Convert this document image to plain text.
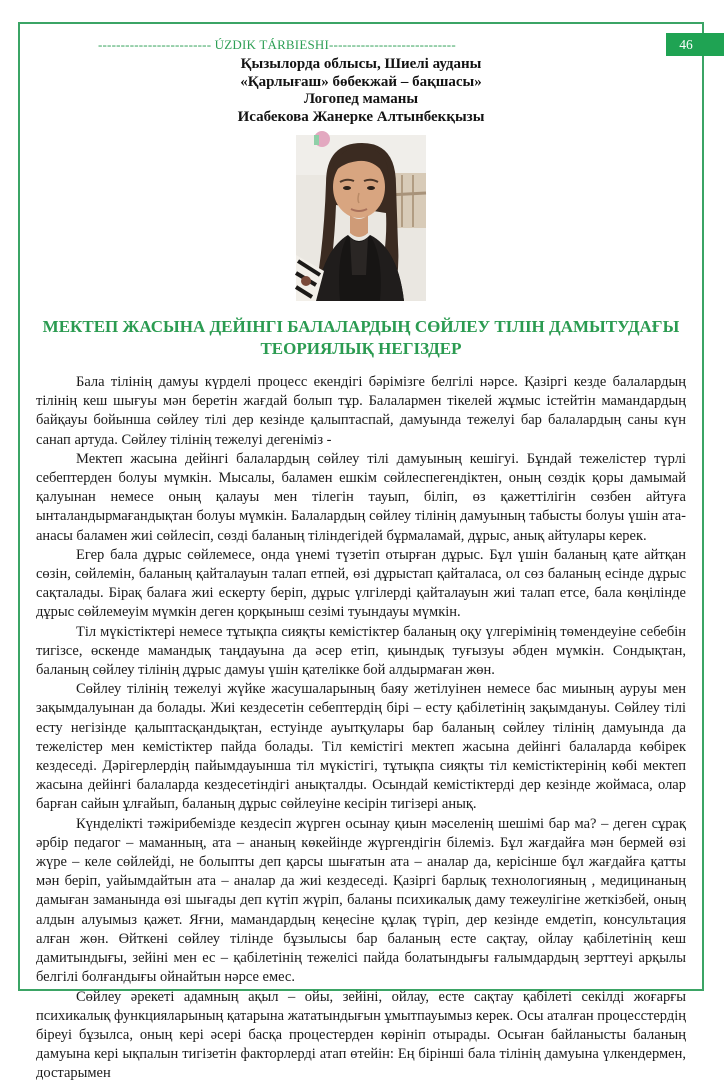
46
------------------------- ÚZDIK TÁRBIESHI----------------------------
Қызылорда облысы, Шиелі ауданы
«Қарлығаш» бөбекжай – бақшасы»
Логопед маманы
Исабекова Жанерке Алтынбекқызы
МЕКТЕП ЖАСЫНА ДЕЙІНГІ БАЛАЛАРДЫҢ СӨЙЛЕУ ТІЛІН ДАМЫТУДАҒЫ ТЕОРИЯЛЫҚ НЕГІЗДЕР

Бала тілінің дамуы күрделі процесс екендігі бәрімізге белгілі нәрсе. Қазіргі кезде балалардың тілінің кеш шығуы мән беретін жағдай болып тұр. Балалармен тікелей жұмыс істейтін мамандардың байқауы бойынша сөйлеу тілі дер кезінде қалыптаспай, дамуында тежелуі бар балалардың саны күн санап артуда. Сөйлеу тілінің тежелуі дегеніміз -

Мектеп жасына дейінгі балалардың сөйлеу тілі дамуының кешігуі. Бұндай тежелістер түрлі себептерден болуы мүмкін. Мысалы, баламен ешкім сөйлеспегендіктен, оның сөздік қоры дамымай қалуынан немесе оның қалауы мен тілегін тауып, біліп, өз қажеттілігін сөзбен айтуға ынталандырмағандықтан болуы мүмкін. Балалардың сөйлеу тілінің дамуының табысты болуы үшін ата-анасы баламен жиі сөйлесіп, сөзді баланың тіліндегідей бұрмаламай, дұрыс, анық айтулары керек.

Егер бала дұрыс сөйлемесе, онда үнемі түзетіп отырған дұрыс. Бұл үшін баланың қате айтқан сөзін, сөйлемін, баланың қайталауын талап етпей, өзі дұрыстап қайталаса, ол сөз баланың есінде дұрыс сақталады. Бірақ балаға жиі ескерту беріп, дұрыс үлгілерді қайталауын жиі талап етсе, бала көңілінде дұрыс сөйлемеуім мүмкін деген қорқыныш сезімі туындауы мүмкін.

Тіл мүкістіктері немесе тұтықпа сияқты кемістіктер баланың оқу үлгерімінің төмендеуіне себебін тигізсе, өскенде мамандық таңдауына да әсер етіп, қиындық туғызуы әбден мүмкін. Сондықтан, баланың сөйлеу тілінің дұрыс дамуы үшін қателікке бой алдырмаған жөн.

Сөйлеу тілінің тежелуі жүйке жасушаларының баяу жетілуінен немесе бас миының ауруы мен зақымдалуынан да болады. Жиі кездесетін себептердің бірі – есту қабілетінің зақымдануы. Сөйлеу тілі есту негізінде қалыптасқандықтан, естуінде ауытқулары бар баланың сөйлеу тілінің дамуында да тежелістер мен кемістіктер пайда болады. Тіл кемістігі мектеп жасына дейінгі балаларда көбірек кездеседі. Дәрігерлердің пайымдауынша тіл мүкістігі, тұтықпа сияқты тіл кемістіктерінің көбі мектеп жасына дейінгі балаларда кездесетіндігі анықталды. Осындай кемістіктерді дер кезінде жоймаса, олар барған сайын ұлғайып, баланың дұрыс сөйлеуіне кесірін тигізері анық.

Күнделікті тәжірибемізде кездесіп жүрген осынау қиын мәселенің шешімі бар ма? – деген сұрақ әрбір педагог – маманның, ата – ананың көкейінде жүргендігін білеміз. Бұл жағдайға мән бермей өзі жүре – келе сөйлейді, не болыпты деп қарсы шығатын ата – аналар да, керісінше бұл жағдайға қатты мән беріп, уайымдайтын ата – аналар да жиі кездеседі. Қазіргі барлық технологияның , медицинаның дамыған заманында өзі шығады деп күтіп жүріп, баланы психикалық даму тежеулігіне жеткізбей, оның алдын алуымыз қажет. Яғни, мамандардың кеңесіне құлақ түріп, дер кезінде емдетіп, консультация алған жөн. Өйткені сөйлеу тілінде бұзылысы бар баланың есте сақтау, ойлау қабілетінің кеш дамитындығы, зейіні мен ес – қабілетінің тежелісі пайда болатындығы ғалымдардың зерттеуі арқылы белгілі болғандығы ойнайтын нәрсе емес.

Сөйлеу әрекеті адамның ақыл – ойы, зейіні, ойлау, есте сақтау қабілеті секілді жоғарғы психикалық функцияларының қатарына жататындығын ұмытпауымыз керек. Осы аталған процесстердің біреуі бұзылса, оның кері әсері басқа процестерден көрініп отырады. Осыған байланысты баланың дамуына кері ықпалын тигізетін факторлерді атап өтейін: Ең бірінші бала тілінің дамуына үлкендермен, достарымен
